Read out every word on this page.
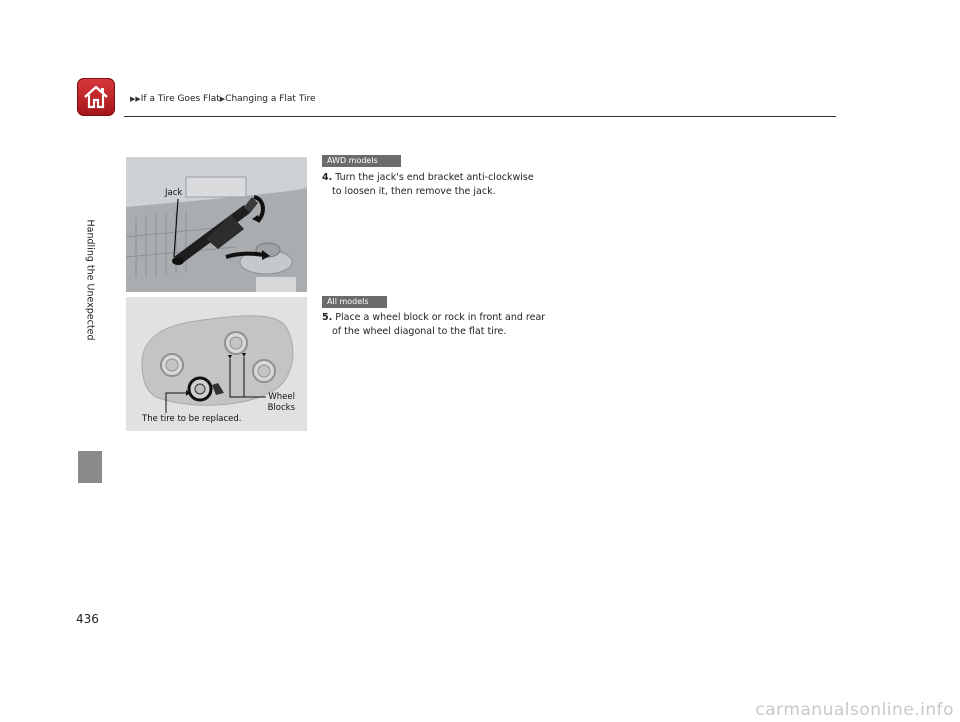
▶▶If a Tire Goes Flat▶Changing a Flat Tire
Handling the Unexpected
Jack
AWD models
4. Turn the jack's end bracket anti-clockwise
to loosen it, then remove the jack.
Wheel
Blocks
The tire to be replaced.
All models
5. Place a wheel block or rock in front and rear
of the wheel diagonal to the flat tire.
436
carmanualsonline.info
